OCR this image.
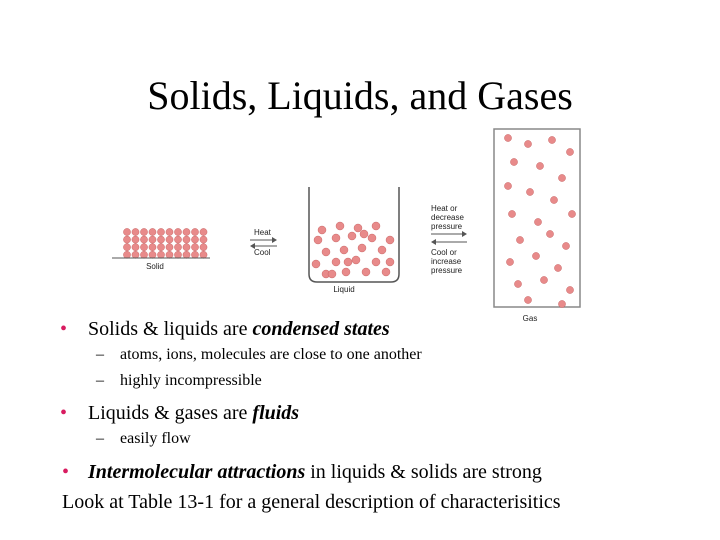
Solids, Liquids, and Gases
Solid
Heat
Cool
Liquid
Heat or
decrease
pressure
Cool or
increase
pressure
Gas
• Solids & liquids are condensed states
– atoms, ions, molecules are close to one another
– highly incompressible
• Liquids & gases are fluids
– easily flow
• Intermolecular attractions in liquids & solids are strong
Look at Table 13-1 for a general description of characterisitics
